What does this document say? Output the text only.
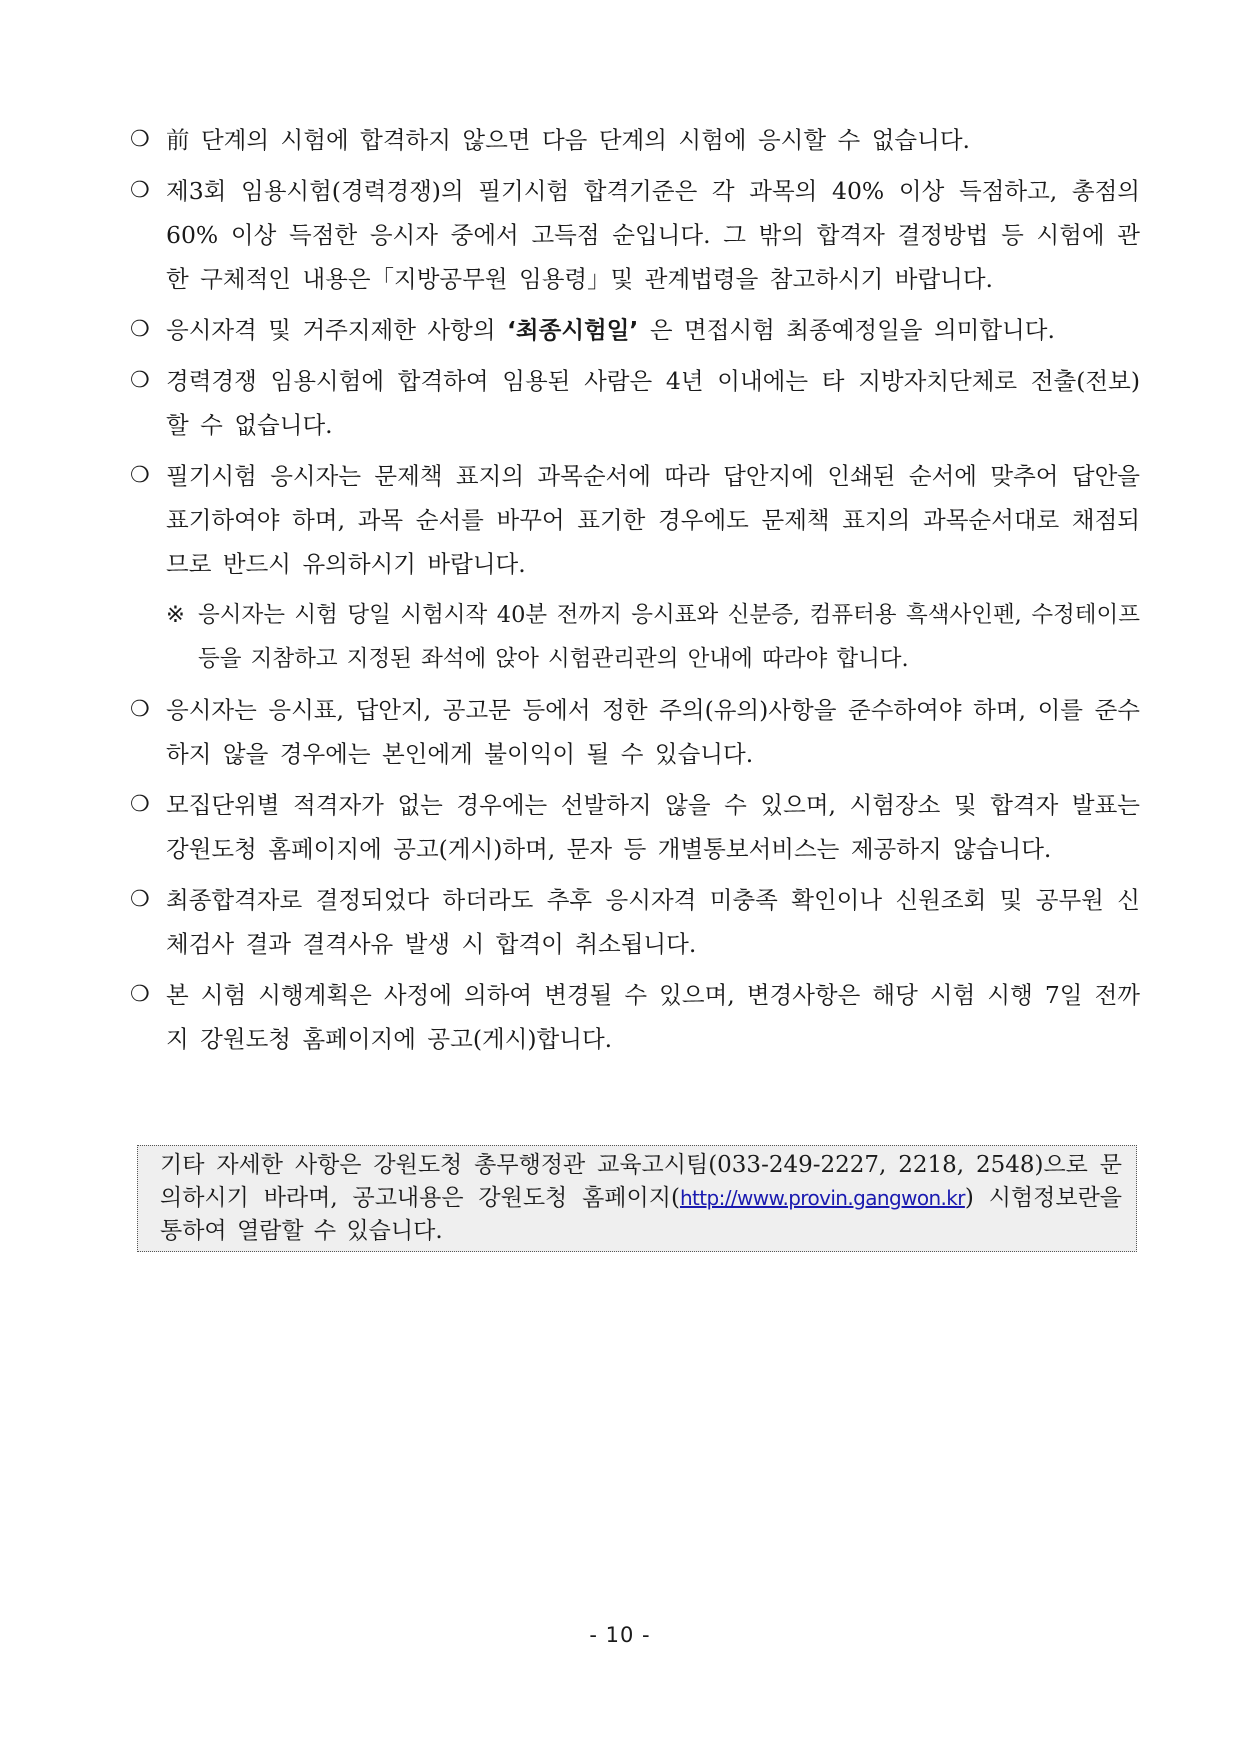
❍ 前 단계의 시험에 합격하지 않으면 다음 단계의 시험에 응시할 수 없습니다.
❍ 제3회 임용시험(경력경쟁)의 필기시험 합격기준은 각 과목의 40% 이상 득점하고, 총점의 60% 이상 득점한 응시자 중에서 고득점 순입니다. 그 밖의 합격자 결정방법 등 시험에 관한 구체적인 내용은「지방공무원 임용령」및 관계법령을 참고하시기 바랍니다.
❍ 응시자격 및 거주지제한 사항의 ‘최종시험일’ 은 면접시험 최종예정일을 의미합니다.
❍ 경력경쟁 임용시험에 합격하여 임용된 사람은 4년 이내에는 타 지방자치단체로 전출(전보)할 수 없습니다.
❍ 필기시험 응시자는 문제책 표지의 과목순서에 따라 답안지에 인쇄된 순서에 맞추어 답안을 표기하여야 하며, 과목 순서를 바꾸어 표기한 경우에도 문제책 표지의 과목순서대로 채점되므로 반드시 유의하시기 바랍니다.
※ 응시자는 시험 당일 시험시작 40분 전까지 응시표와 신분증, 컴퓨터용 흑색사인펜, 수정테이프 등을 지참하고 지정된 좌석에 앉아 시험관리관의 안내에 따라야 합니다.
❍ 응시자는 응시표, 답안지, 공고문 등에서 정한 주의(유의)사항을 준수하여야 하며, 이를 준수하지 않을 경우에는 본인에게 불이익이 될 수 있습니다.
❍ 모집단위별 적격자가 없는 경우에는 선발하지 않을 수 있으며, 시험장소 및 합격자 발표는 강원도청 홈페이지에 공고(게시)하며, 문자 등 개별통보서비스는 제공하지 않습니다.
❍ 최종합격자로 결정되었다 하더라도 추후 응시자격 미충족 확인이나 신원조회 및 공무원 신체검사 결과 결격사유 발생 시 합격이 취소됩니다.
❍ 본 시험 시행계획은 사정에 의하여 변경될 수 있으며, 변경사항은 해당 시험 시행 7일 전까지 강원도청 홈페이지에 공고(게시)합니다.
기타 자세한 사항은 강원도청 총무행정관 교육고시팀(033-249-2227, 2218, 2548)으로 문의하시기 바라며, 공고내용은 강원도청 홈페이지(http://www.provin.gangwon.kr) 시험정보란을 통하여 열람할 수 있습니다.
- 10 -
